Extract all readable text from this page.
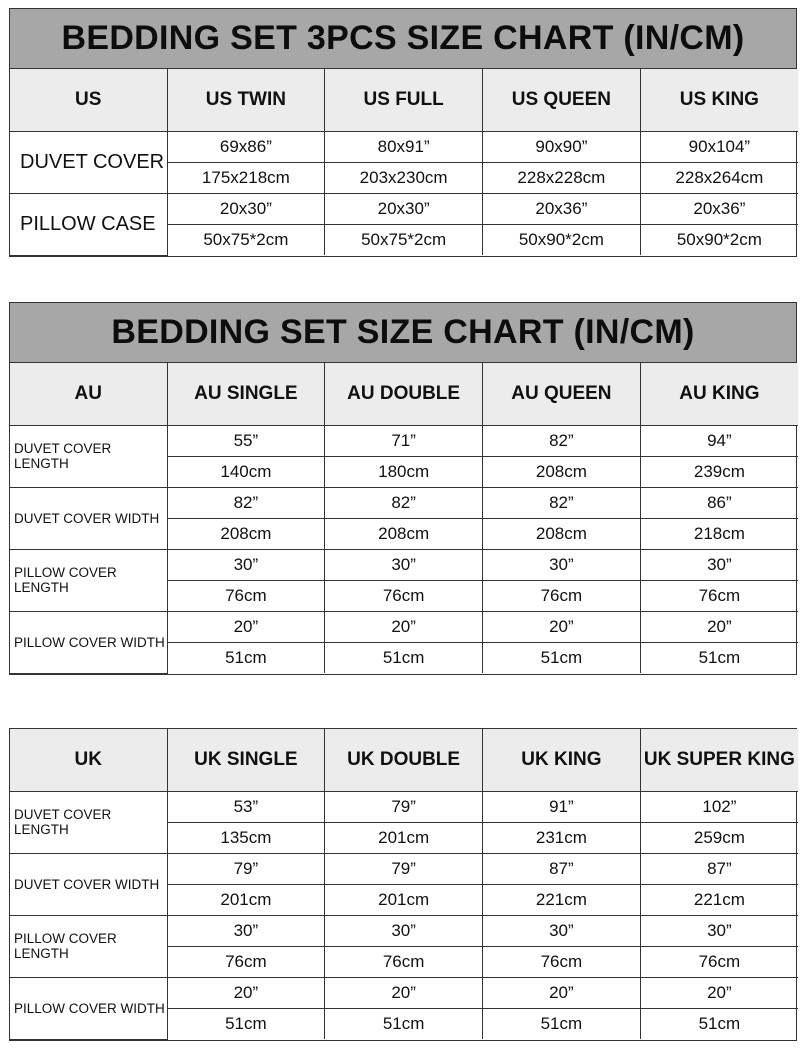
BEDDING SET 3PCS SIZE CHART (IN/CM)
US	US TWIN	US FULL	US QUEEN	US KING
DUVET COVER	69x86”	80x91”	90x90”	90x104”
	175x218cm	203x230cm	228x228cm	228x264cm
PILLOW CASE	20x30”	20x30”	20x36”	20x36”
	50x75*2cm	50x75*2cm	50x90*2cm	50x90*2cm
BEDDING SET SIZE CHART (IN/CM)
AU	AU SINGLE	AU DOUBLE	AU QUEEN	AU KING
DUVET COVER LENGTH	55”	71”	82”	94”
	140cm	180cm	208cm	239cm
DUVET COVER WIDTH	82”	82”	82”	86”
	208cm	208cm	208cm	218cm
PILLOW COVER LENGTH	30”	30”	30”	30”
	76cm	76cm	76cm	76cm
PILLOW COVER WIDTH	20”	20”	20”	20”
	51cm	51cm	51cm	51cm
UK	UK SINGLE	UK DOUBLE	UK KING	UK SUPER KING
DUVET COVER LENGTH	53”	79”	91”	102”
	135cm	201cm	231cm	259cm
DUVET COVER WIDTH	79”	79”	87”	87”
	201cm	201cm	221cm	221cm
PILLOW COVER LENGTH	30”	30”	30”	30”
	76cm	76cm	76cm	76cm
PILLOW COVER WIDTH	20”	20”	20”	20”
	51cm	51cm	51cm	51cm
